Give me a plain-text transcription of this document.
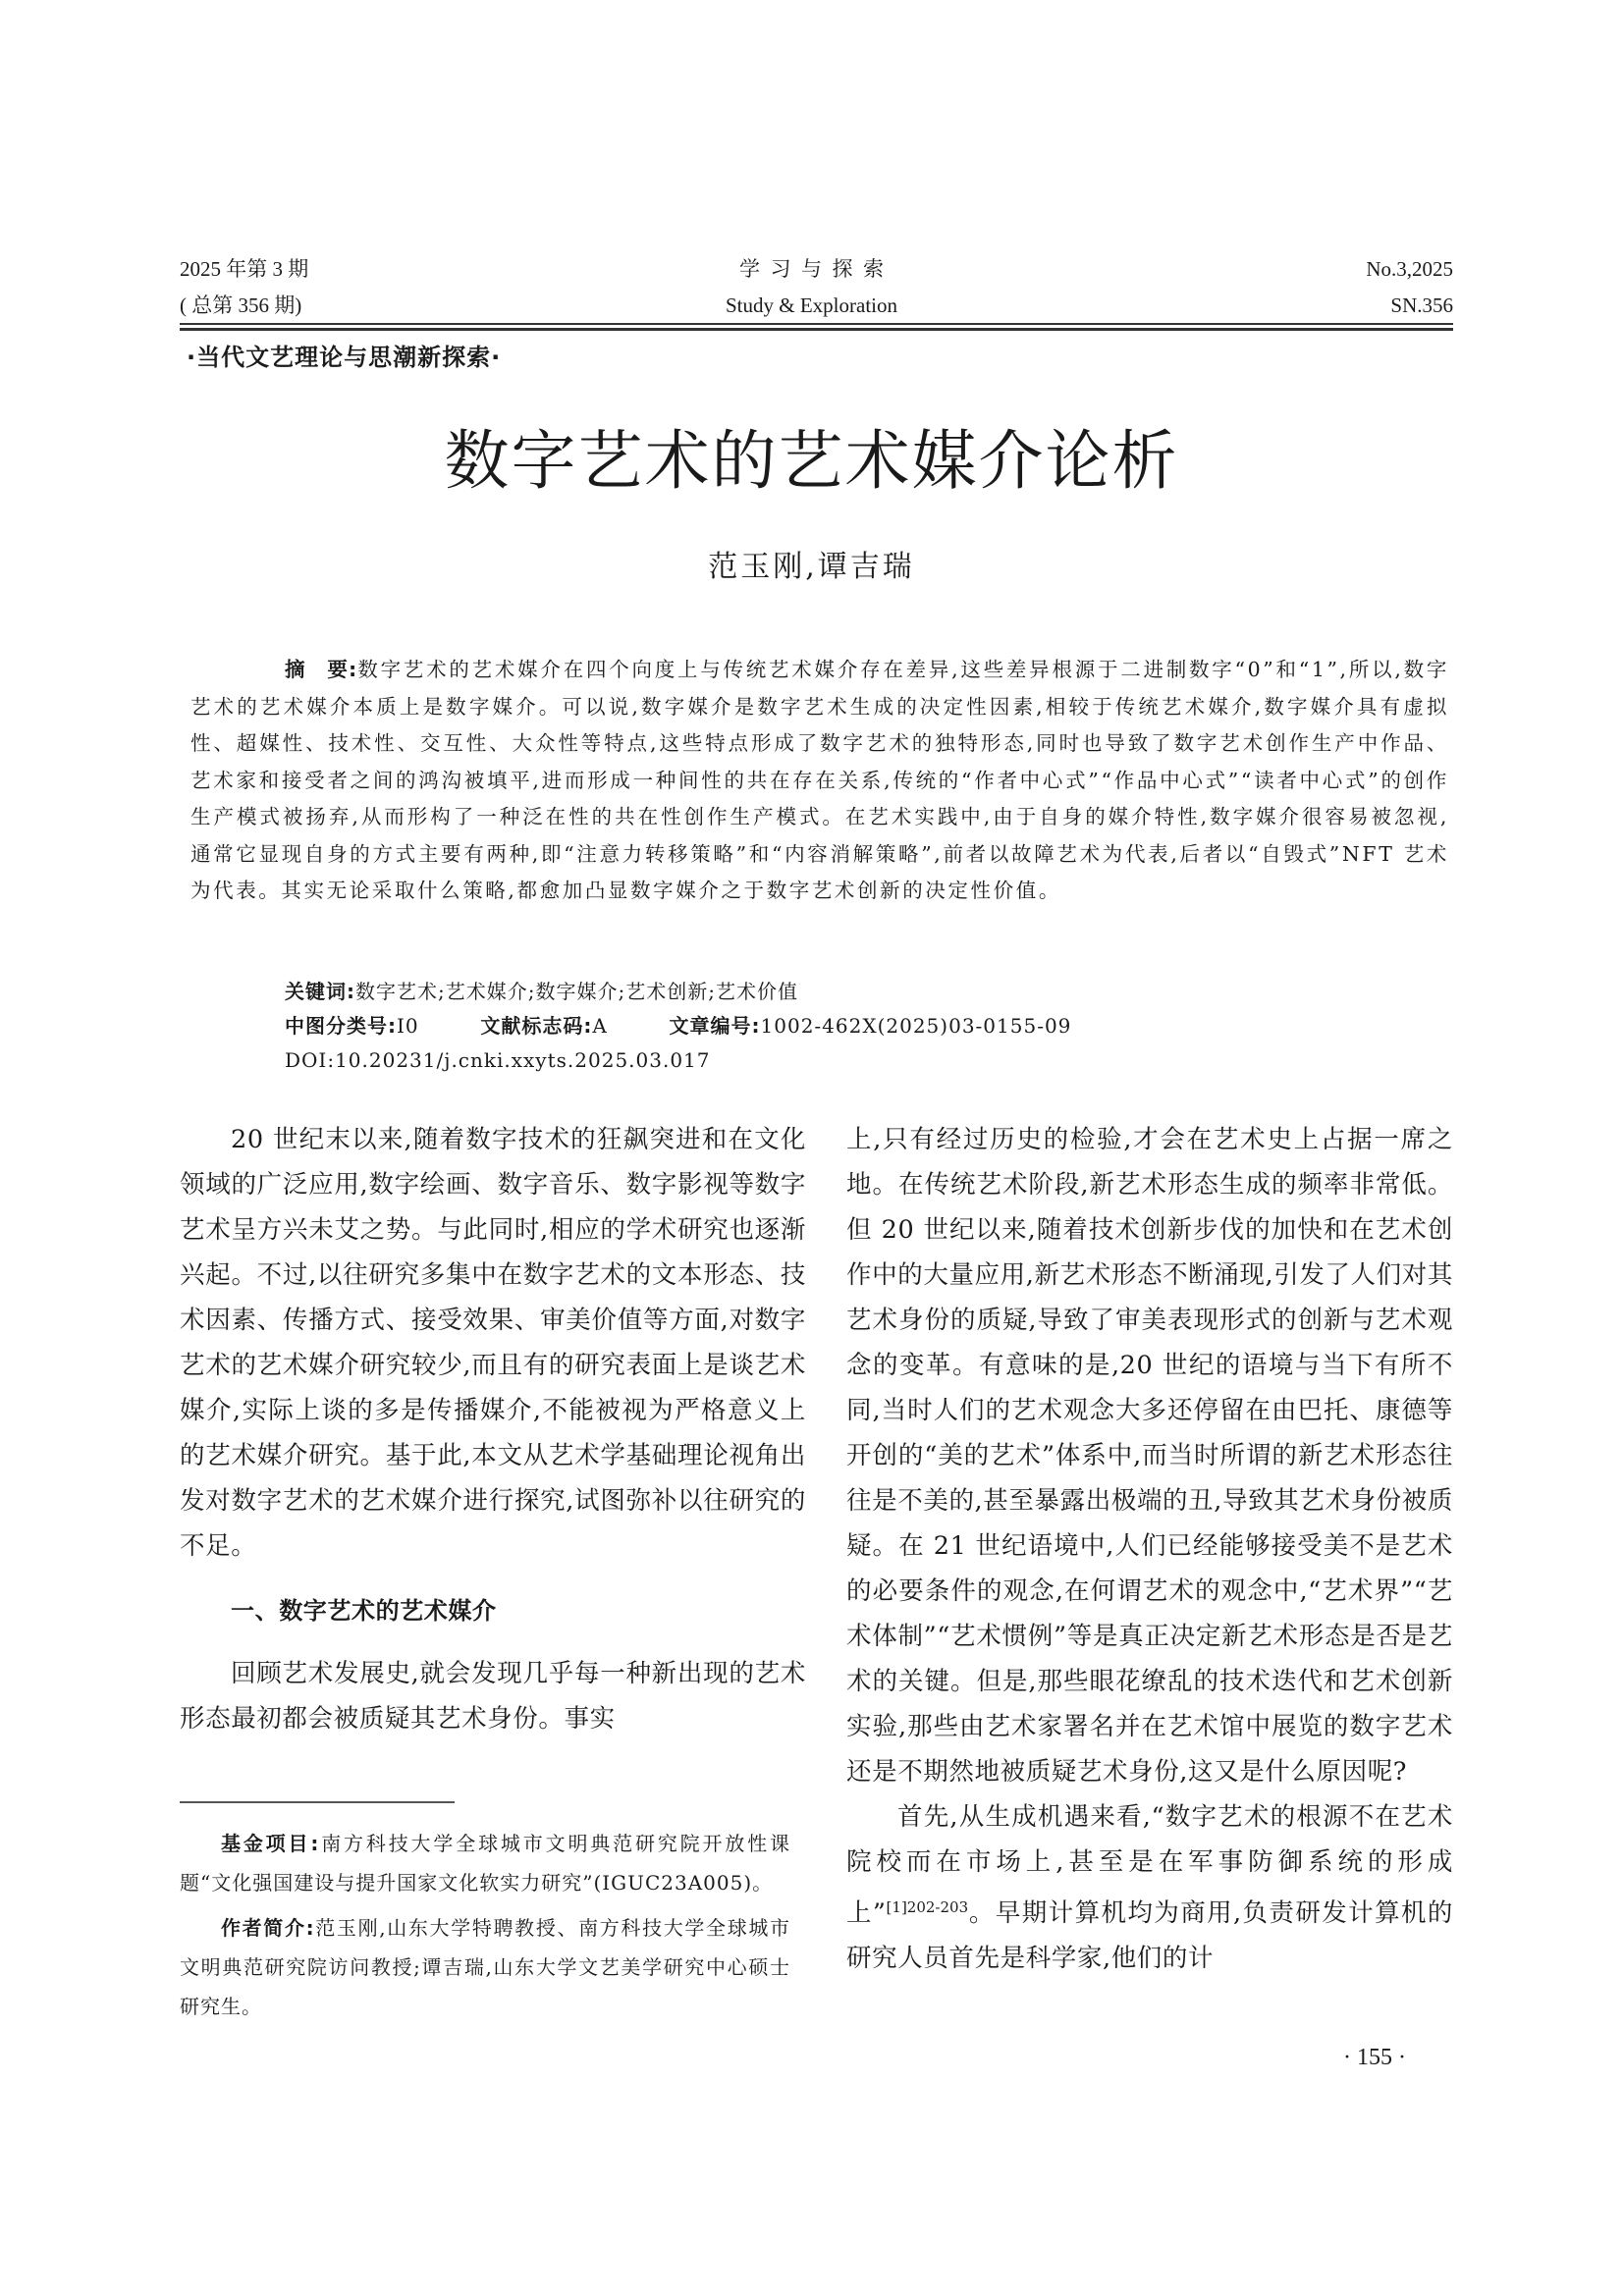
2025 年第 3 期
( 总第 356 期)
学  习  与  探  索
Study & Exploration
No.3,2025
SN.356
·当代文艺理论与思潮新探索·
数字艺术的艺术媒介论析
范玉刚,谭吉瑞
摘　要:数字艺术的艺术媒介在四个向度上与传统艺术媒介存在差异,这些差异根源于二进制数字“0”和“1”,所以,数字艺术的艺术媒介本质上是数字媒介。可以说,数字媒介是数字艺术生成的决定性因素,相较于传统艺术媒介,数字媒介具有虚拟性、超媒性、技术性、交互性、大众性等特点,这些特点形成了数字艺术的独特形态,同时也导致了数字艺术创作生产中作品、艺术家和接受者之间的鸿沟被填平,进而形成一种间性的共在存在关系,传统的“作者中心式”“作品中心式”“读者中心式”的创作生产模式被扬弃,从而形构了一种泛在性的共在性创作生产模式。在艺术实践中,由于自身的媒介特性,数字媒介很容易被忽视,通常它显现自身的方式主要有两种,即“注意力转移策略”和“内容消解策略”,前者以故障艺术为代表,后者以“自毁式”NFT 艺术为代表。其实无论采取什么策略,都愈加凸显数字媒介之于数字艺术创新的决定性价值。
关键词:数字艺术;艺术媒介;数字媒介;艺术创新;艺术价值
中图分类号:I0	文献标志码:A	文章编号:1002-462X(2025)03-0155-09
DOI:10.20231/j.cnki.xxyts.2025.03.017

20 世纪末以来,随着数字技术的狂飙突进和在文化领域的广泛应用,数字绘画、数字音乐、数字影视等数字艺术呈方兴未艾之势。与此同时,相应的学术研究也逐渐兴起。不过,以往研究多集中在数字艺术的文本形态、技术因素、传播方式、接受效果、审美价值等方面,对数字艺术的艺术媒介研究较少,而且有的研究表面上是谈艺术媒介,实际上谈的多是传播媒介,不能被视为严格意义上的艺术媒介研究。基于此,本文从艺术学基础理论视角出发对数字艺术的艺术媒介进行探究,试图弥补以往研究的不足。

一、数字艺术的艺术媒介

回顾艺术发展史,就会发现几乎每一种新出现的艺术形态最初都会被质疑其艺术身份。事实

基金项目:南方科技大学全球城市文明典范研究院开放性课题“文化强国建设与提升国家文化软实力研究”(IGUC23A005)。

作者简介:范玉刚,山东大学特聘教授、南方科技大学全球城市文明典范研究院访问教授;谭吉瑞,山东大学文艺美学研究中心硕士研究生。

上,只有经过历史的检验,才会在艺术史上占据一席之地。在传统艺术阶段,新艺术形态生成的频率非常低。但 20 世纪以来,随着技术创新步伐的加快和在艺术创作中的大量应用,新艺术形态不断涌现,引发了人们对其艺术身份的质疑,导致了审美表现形式的创新与艺术观念的变革。有意味的是,20 世纪的语境与当下有所不同,当时人们的艺术观念大多还停留在由巴托、康德等开创的“美的艺术”体系中,而当时所谓的新艺术形态往往是不美的,甚至暴露出极端的丑,导致其艺术身份被质疑。在 21 世纪语境中,人们已经能够接受美不是艺术的必要条件的观念,在何谓艺术的观念中,“艺术界”“艺术体制”“艺术惯例”等是真正决定新艺术形态是否是艺术的关键。但是,那些眼花缭乱的技术迭代和艺术创新实验,那些由艺术家署名并在艺术馆中展览的数字艺术还是不期然地被质疑艺术身份,这又是什么原因呢?

首先,从生成机遇来看,“数字艺术的根源不在艺术院校而在市场上,甚至是在军事防御系统的形成上”$^{[1]202-203}$。早期计算机均为商用,负责研发计算机的研究人员首先是科学家,他们的计

· 155 ·
